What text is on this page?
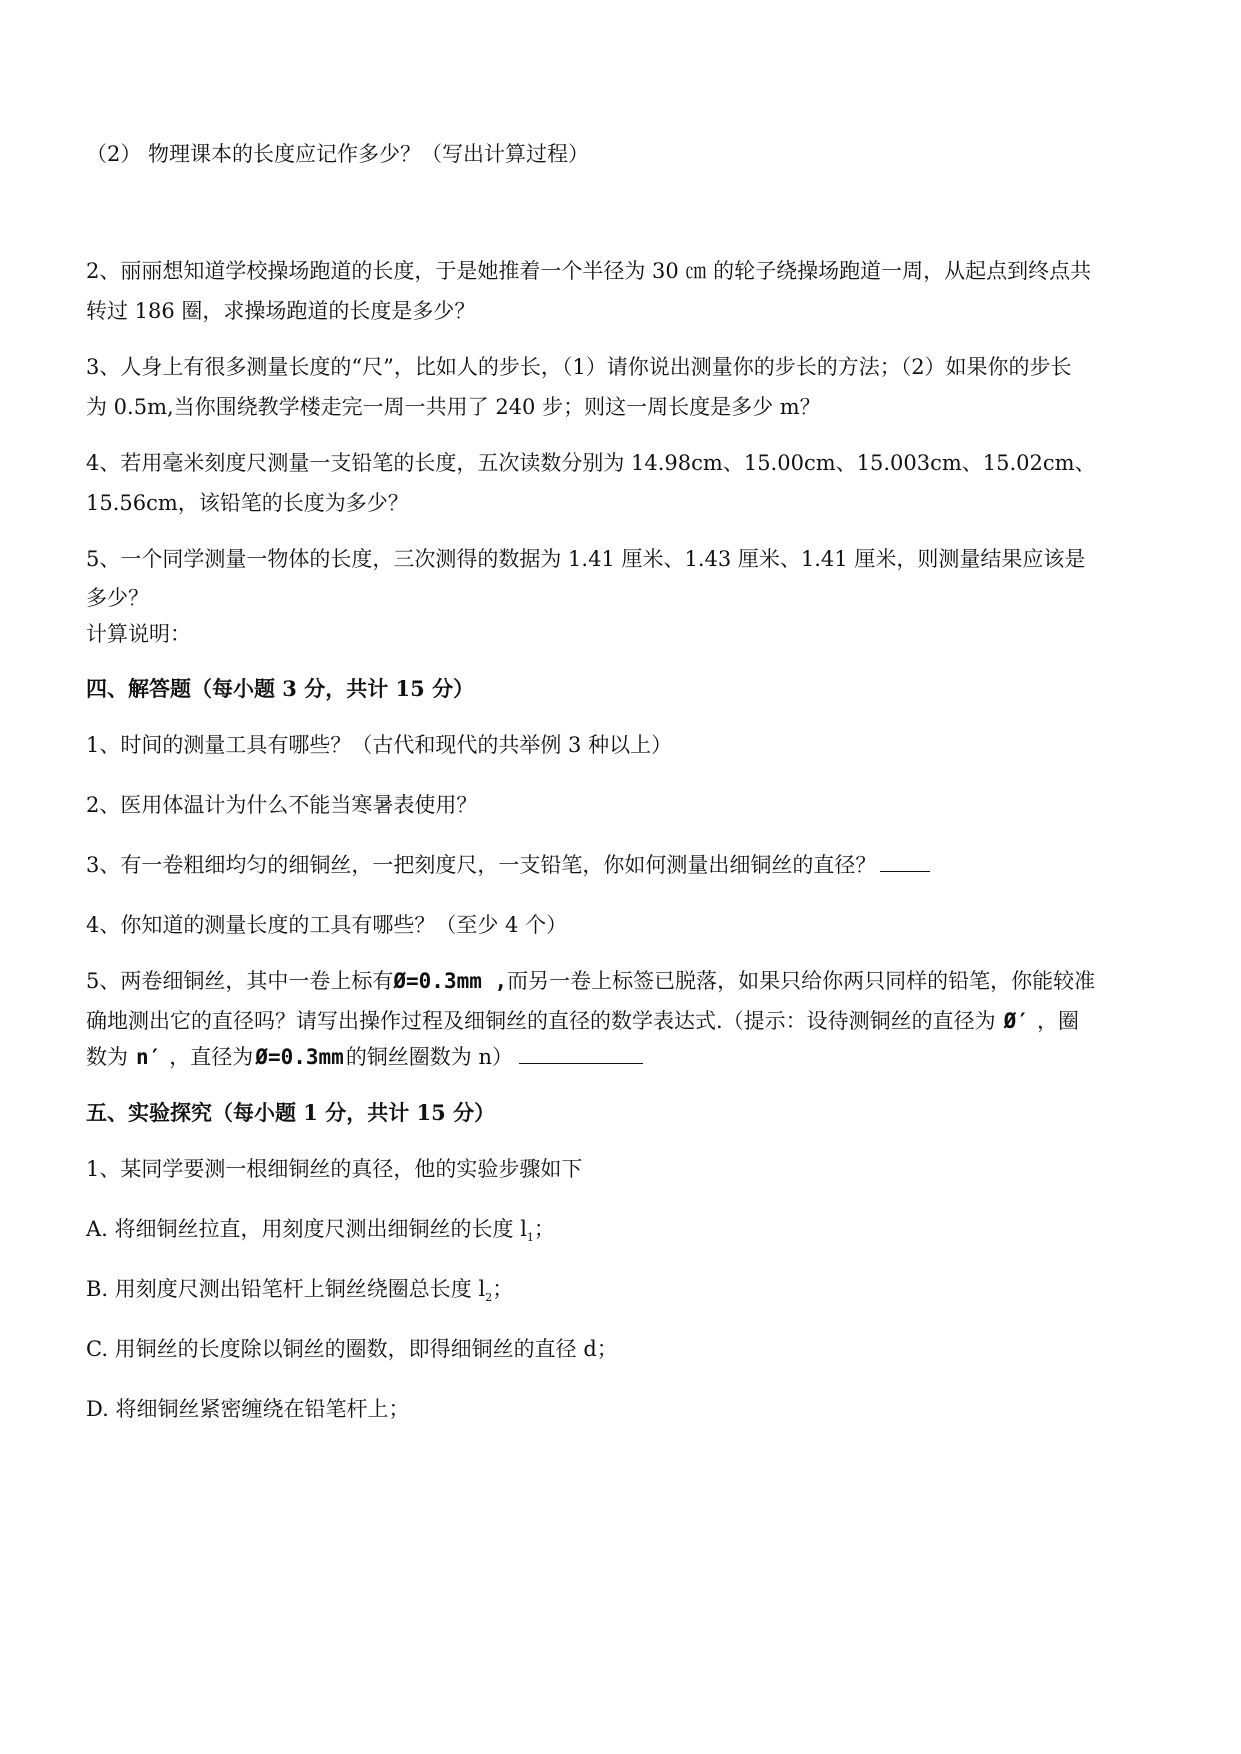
（2） 物理课本的长度应记作多少？（写出计算过程）
2、丽丽想知道学校操场跑道的长度，于是她推着一个半径为 30 ㎝ 的轮子绕操场跑道一周，从起点到终点共
转过 186 圈，求操场跑道的长度是多少？
3、人身上有很多测量长度的“尺”，比如人的步长，（1）请你说出测量你的步长的方法；（2）如果你的步长
为 0.5m,当你围绕教学楼走完一周一共用了 240 步；则这一周长度是多少 m？
4、若用毫米刻度尺测量一支铅笔的长度，五次读数分别为 14.98cm、15.00cm、15.003cm、15.02cm、
15.56cm，该铅笔的长度为多少？
5、一个同学测量一物体的长度，三次测得的数据为 1.41 厘米、1.43 厘米、1.41 厘米，则测量结果应该是
多少？
计算说明：
四、解答题（每小题 3 分，共计 15 分）
1、时间的测量工具有哪些？（古代和现代的共举例 3 种以上）
2、医用体温计为什么不能当寒暑表使用？
3、有一卷粗细均匀的细铜丝，一把刻度尺，一支铅笔，你如何测量出细铜丝的直径？
4、你知道的测量长度的工具有哪些？（至少 4 个）
5、两卷细铜丝，其中一卷上标有Ø=0.3mm ,而另一卷上标签已脱落，如果只给你两只同样的铅笔，你能较准
确地测出它的直径吗？请写出操作过程及细铜丝的直径的数学表达式.（提示：设待测铜丝的直径为 Ø′ ，圈
数为 n′ ，直径为Ø=0.3mm的铜丝圈数为 n）
五、实验探究（每小题 1 分，共计 15 分）
1、某同学要测一根细铜丝的真径，他的实验步骤如下
A. 将细铜丝拉直，用刻度尺测出细铜丝的长度 $l_1$；
B. 用刻度尺测出铅笔杆上铜丝绕圈总长度 $l_2$；
C. 用铜丝的长度除以铜丝的圈数，即得细铜丝的直径 d；
D. 将细铜丝紧密缠绕在铅笔杆上；
